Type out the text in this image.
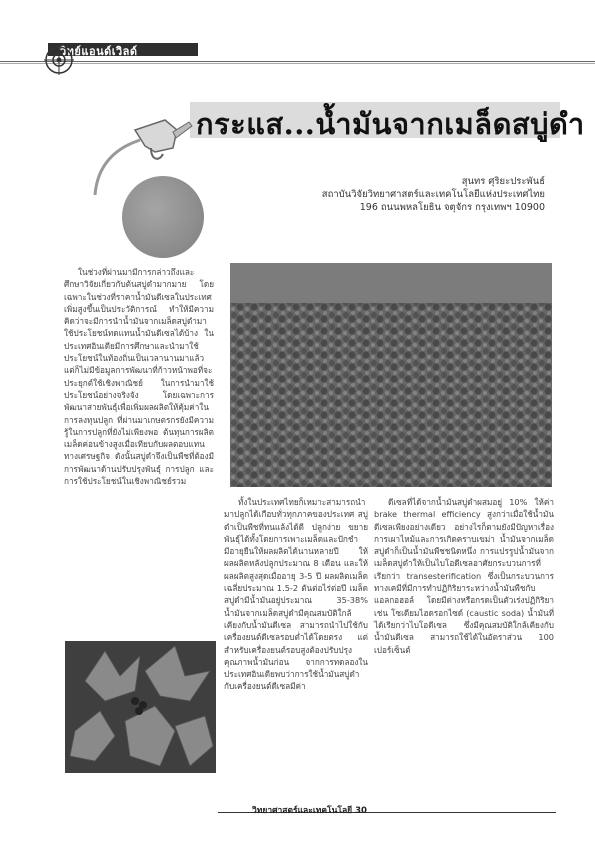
วิทย์แอนด์เวิลด์
กระแส...น้ำมันจากเมล็ดสบู่ดำ
สุนทร ศุริยะประพันธ์
สถาบันวิจัยวิทยาศาสตร์และเทคโนโลยีแห่งประเทศไทย
196 ถนนพหลโยธิน จตุจักร กรุงเทพฯ 10900

ในช่วงที่ผ่านมามีการกล่าวถึงและศึกษาวิจัยเกี่ยวกับต้นสบู่ดำมากมาย โดยเฉพาะในช่วงที่ราคาน้ำมันดีเซลในประเทศเพิ่มสูงขึ้นเป็นประวัติการณ์ ทำให้มีความคิดว่าจะมีการนำน้ำมันจากเมล็ดสบู่ดำมาใช้ประโยชน์ทดแทนน้ำมันดีเซลได้บ้าง ในประเทศอินเดียมีการศึกษาและนำมาใช้ประโยชน์ในท้องถิ่นเป็นเวลานานมาแล้ว แต่ก็ไม่มีข้อมูลการพัฒนาที่ก้าวหน้าพอที่จะประยุกต์ใช้เชิงพาณิชย์ ในการนำมาใช้ประโยชน์อย่างจริงจัง โดยเฉพาะการพัฒนาสายพันธุ์เพื่อเพิ่มผลผลิตให้คุ้มค่าในการลงทุนปลูก ที่ผ่านมาเกษตรกรยังมีความรู้ในการปลูกที่ยังไม่เพียงพอ ต้นทุนการผลิตเมล็ดค่อนข้างสูงเมื่อเทียบกับผลตอบแทนทางเศรษฐกิจ ดังนั้นสบู่ดำจึงเป็นพืชที่ต้องมีการพัฒนาด้านปรับปรุงพันธุ์ การปลูก และการใช้ประโยชน์ในเชิงพาณิชย์รวม

ทั้งในประเทศไทยก็เหมาะสามารถนำมาปลูกได้เกือบทั่วทุกภาคของประเทศ สบู่ดำเป็นพืชที่ทนแล้งได้ดี ปลูกง่าย ขยายพันธุ์ได้ทั้งโดยการเพาะเมล็ดและปักชำ มีอายุยืนให้ผลผลิตได้นานหลายปี ให้ผลผลิตหลังปลูกประมาณ 8 เดือน และให้ผลผลิตสูงสุดเมื่ออายุ 3-5 ปี ผลผลิตเมล็ดเฉลี่ยประมาณ 1.5-2 ตันต่อไร่ต่อปี เมล็ดสบู่ดำมีน้ำมันอยู่ประมาณ 35-38% น้ำมันจากเมล็ดสบู่ดำมีคุณสมบัติใกล้เคียงกับน้ำมันดีเซล สามารถนำไปใช้กับเครื่องยนต์ดีเซลรอบต่ำได้โดยตรง แต่สำหรับเครื่องยนต์รอบสูงต้องปรับปรุงคุณภาพน้ำมันก่อน จากการทดลองในประเทศอินเดียพบว่าการใช้น้ำมันสบู่ดำกับเครื่องยนต์ดีเซลมีค่า

ดีเซลที่ได้จากน้ำมันสบู่ดำผสมอยู่ 10% ให้ค่า brake thermal efficiency สูงกว่าเมื่อใช้น้ำมันดีเซลเพียงอย่างเดียว อย่างไรก็ตามยังมีปัญหาเรื่องการเผาไหม้และการเกิดคราบเขม่า น้ำมันจากเมล็ดสบู่ดำก็เป็นน้ำมันพืชชนิดหนึ่ง การแปรรูปน้ำมันจากเมล็ดสบู่ดำให้เป็นไบโอดีเซลอาศัยกระบวนการที่เรียกว่า transesterification ซึ่งเป็นกระบวนการทางเคมีที่มีการทำปฏิกิริยาระหว่างน้ำมันพืชกับแอลกอฮอล์ โดยมีด่างหรือกรดเป็นตัวเร่งปฏิกิริยา เช่น โซเดียมไฮดรอกไซด์ (caustic soda) น้ำมันที่ได้เรียกว่าไบโอดีเซล ซึ่งมีคุณสมบัติใกล้เคียงกับน้ำมันดีเซล สามารถใช้ได้ในอัตราส่วน 100 เปอร์เซ็นต์

วิทยาศาสตร์และเทคโนโลยี 30
